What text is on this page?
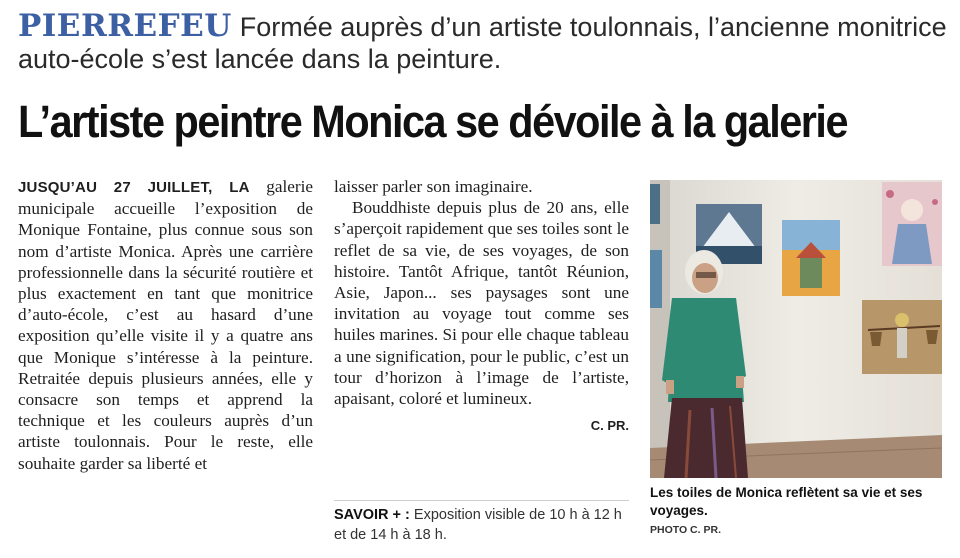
PIERREFEU Formée auprès d’un artiste toulonnais, l’ancienne monitrice auto-école s’est lancée dans la peinture.
L’artiste peintre Monica se dévoile à la galerie

JUSQU’AU 27 JUILLET, LA galerie municipale accueille l’exposition de Monique Fontaine, plus connue sous son nom d’artiste Monica. Après une carrière professionnelle dans la sécurité routière et plus exactement en tant que monitrice d’auto-école, c’est au hasard d’une exposition qu’elle visite il y a quatre ans que Monique s’intéresse à la peinture. Retraitée depuis plusieurs années, elle y consacre son temps et apprend la technique et les couleurs auprès d’un artiste toulonnais. Pour le reste, elle souhaite garder sa liberté et

laisser parler son imaginaire.

Bouddhiste depuis plus de 20 ans, elle s’aperçoit rapidement que ses toiles sont le reflet de sa vie, de ses voyages, de son histoire. Tantôt Afrique, tantôt Réunion, Asie, Japon... ses paysages sont une invitation au voyage tout comme ses huiles marines. Si pour elle chaque tableau a une signification, pour le public, c’est un tour d’horizon à l’image de l’artiste, apaisant, coloré et lumineux.

C. PR.
SAVOIR + : Exposition visible de 10 h à 12 h et de 14 h à 18 h.
Les toiles de Monica reflètent sa vie et ses voyages.
PHOTO C. PR.
